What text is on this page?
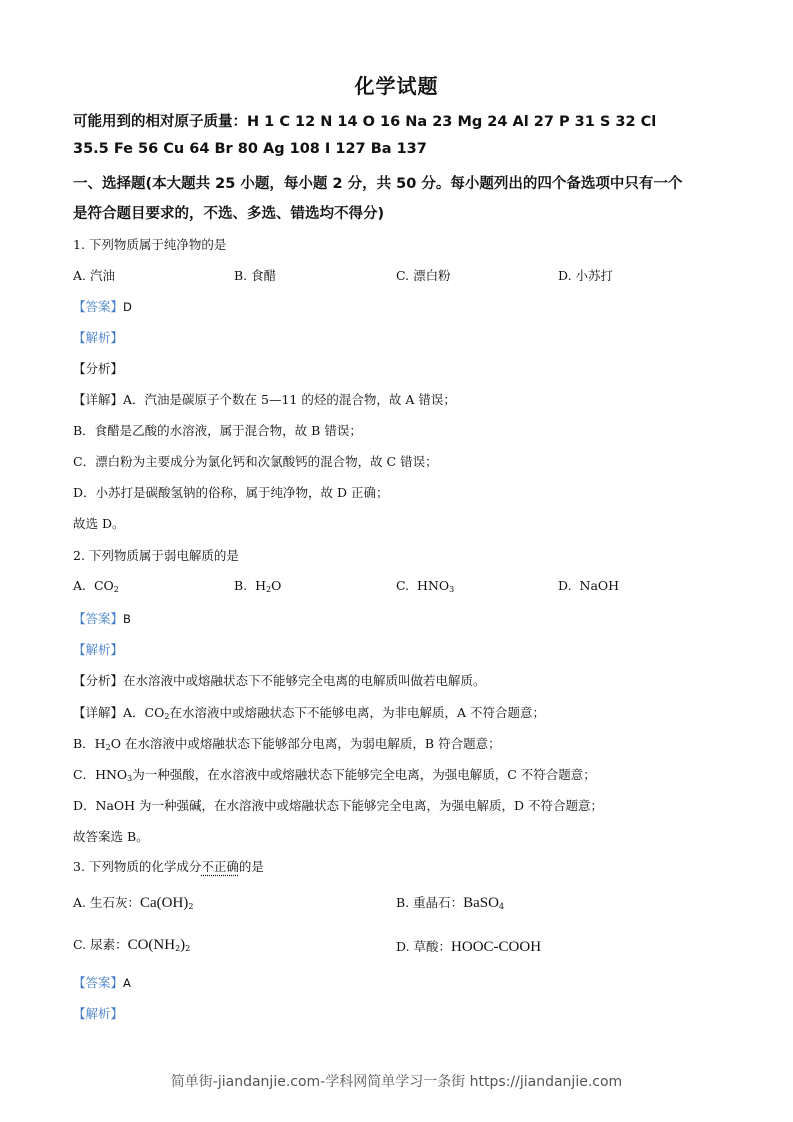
化学试题
可能用到的相对原子质量：H 1 C 12 N 14 O 16 Na 23 Mg 24 Al 27 P 31 S 32 Cl
35.5 Fe 56 Cu 64 Br 80 Ag 108 I 127 Ba 137
一、选择题(本大题共 25 小题，每小题 2 分，共 50 分。每小题列出的四个备选项中只有一个
是符合题目要求的，不选、多选、错选均不得分)
1. 下列物质属于纯净物的是
A. 汽油	B. 食醋	C. 漂白粉	D. 小苏打
【答案】D
【解析】
【分析】
【详解】A．汽油是碳原子个数在 5—11 的烃的混合物，故 A 错误；
B．食醋是乙酸的水溶液，属于混合物，故 B 错误；
C．漂白粉为主要成分为氯化钙和次氯酸钙的混合物，故 C 错误；
D．小苏打是碳酸氢钠的俗称，属于纯净物，故 D 正确；
故选 D。
2. 下列物质属于弱电解质的是
A. $CO_2$	B. $H_2O$	C. $HNO_3$	D. NaOH
【答案】B
【解析】
【分析】在水溶液中或熔融状态下不能够完全电离的电解质叫做若电解质。
【详解】A．$CO_2$在水溶液中或熔融状态下不能够电离，为非电解质，A 不符合题意；
B．$H_2O$ 在水溶液中或熔融状态下能够部分电离，为弱电解质，B 符合题意；
C．$HNO_3$为一种强酸，在水溶液中或熔融状态下能够完全电离，为强电解质，C 不符合题意；
D．NaOH 为一种强碱，在水溶液中或熔融状态下能够完全电离，为强电解质，D 不符合题意；
故答案选 B。
3. 下列物质的化学成分不正确的是
A. 生石灰：$Ca(OH)_2$	B. 重晶石：BaSO$_4$
C. 尿素：$CO(NH_2)_2$	D. 草酸：HOOC-COOH
【答案】A
【解析】
简单街-jiandanjie.com-学科网简单学习一条街 https://jiandanjie.com
